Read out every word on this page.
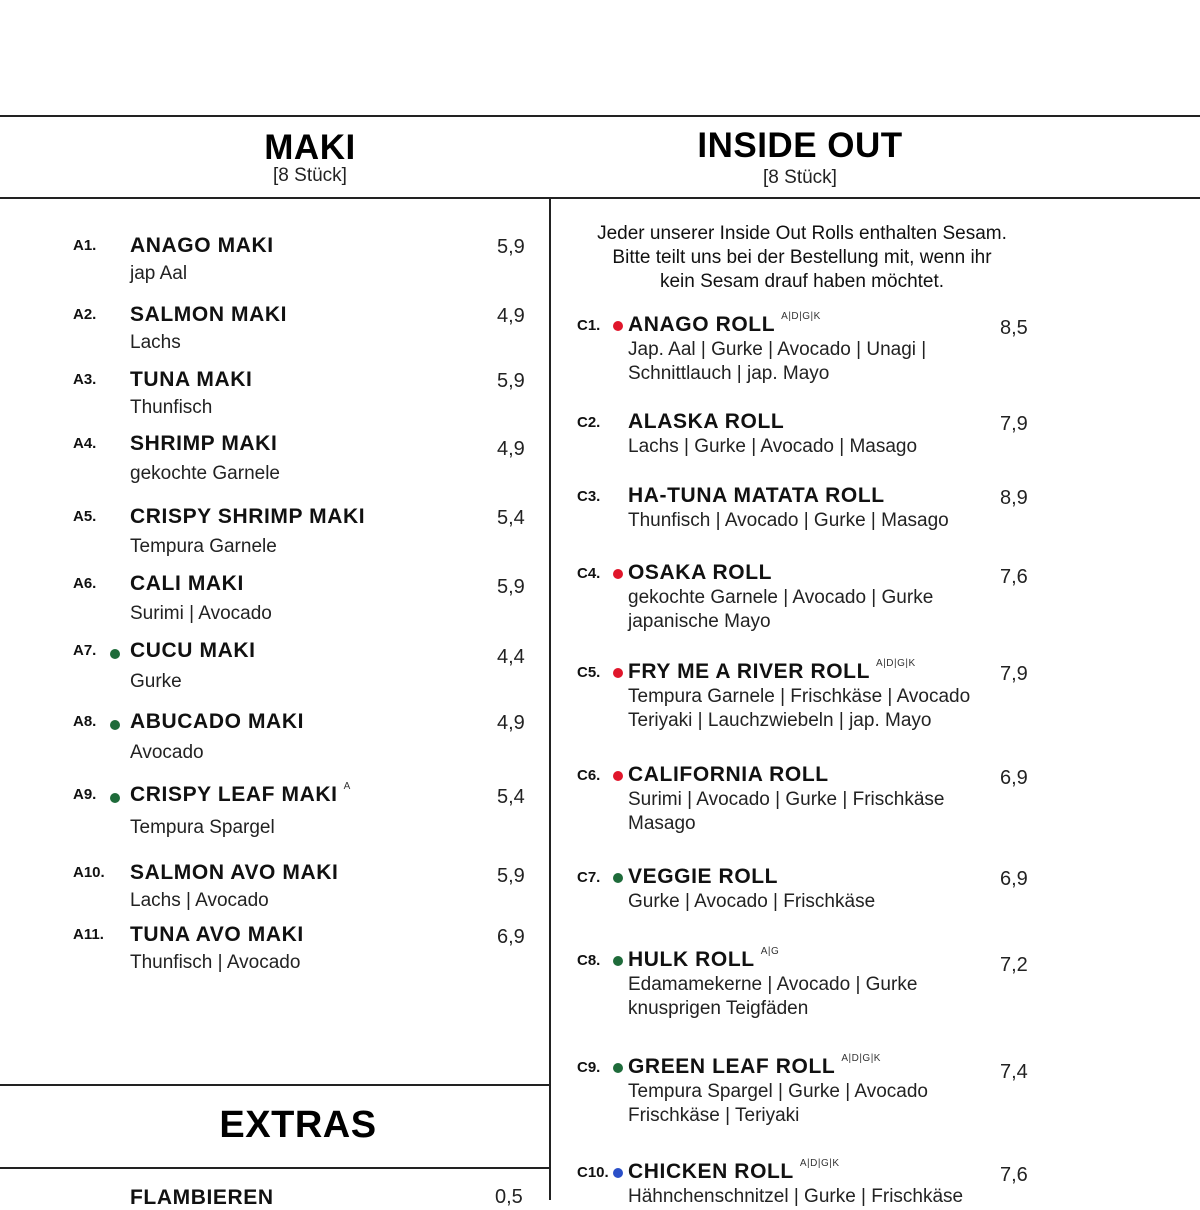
MAKI
[8 Stück]
INSIDE OUT
[8 Stück]
Jeder unserer Inside Out Rolls enthalten Sesam.
Bitte teilt uns bei der Bestellung mit, wenn ihr
kein Sesam drauf haben möchtet.
A1. ANAGO MAKI
jap Aal
5,9
A2. SALMON MAKI
Lachs
4,9
A3. TUNA MAKI
Thunfisch
5,9
A4. SHRIMP MAKI
gekochte Garnele
4,9
A5. CRISPY SHRIMP MAKI
Tempura Garnele
5,4
A6. CALI MAKI
Surimi | Avocado
5,9
A7. CUCU MAKI
Gurke
4,4
A8. ABUCADO MAKI
Avocado
4,9
A9. CRISPY LEAF MAKI $^A$
Tempura Spargel
5,4
A10. SALMON AVO MAKI
Lachs | Avocado
5,9
A11. TUNA AVO MAKI
Thunfisch | Avocado
6,9
C1. ANAGO ROLL $^{A|D|G|K}$
Jap. Aal | Gurke | Avocado | Unagi |
Schnittlauch | jap. Mayo
8,5
C2. ALASKA ROLL
Lachs | Gurke | Avocado | Masago
7,9
C3. HA-TUNA MATATA ROLL
Thunfisch | Avocado | Gurke | Masago
8,9
C4. OSAKA ROLL
gekochte Garnele | Avocado | Gurke
japanische Mayo
7,6
C5. FRY ME A RIVER ROLL $^{A|D|G|K}$
Tempura Garnele | Frischkäse | Avocado
Teriyaki | Lauchzwiebeln | jap. Mayo
7,9
C6. CALIFORNIA ROLL
Surimi | Avocado | Gurke | Frischkäse
Masago
6,9
C7. VEGGIE ROLL
Gurke | Avocado | Frischkäse
6,9
C8. HULK ROLL $^{A|G}$
Edamamekerne | Avocado | Gurke
knusprigen Teigfäden
7,2
C9. GREEN LEAF ROLL $^{A|D|G|K}$
Tempura Spargel | Gurke | Avocado
Frischkäse | Teriyaki
7,4
C10. CHICKEN ROLL $^{A|D|G|K}$
Hähnchenschnitzel | Gurke | Frischkäse
7,6
EXTRAS
FLAMBIEREN	0,5
